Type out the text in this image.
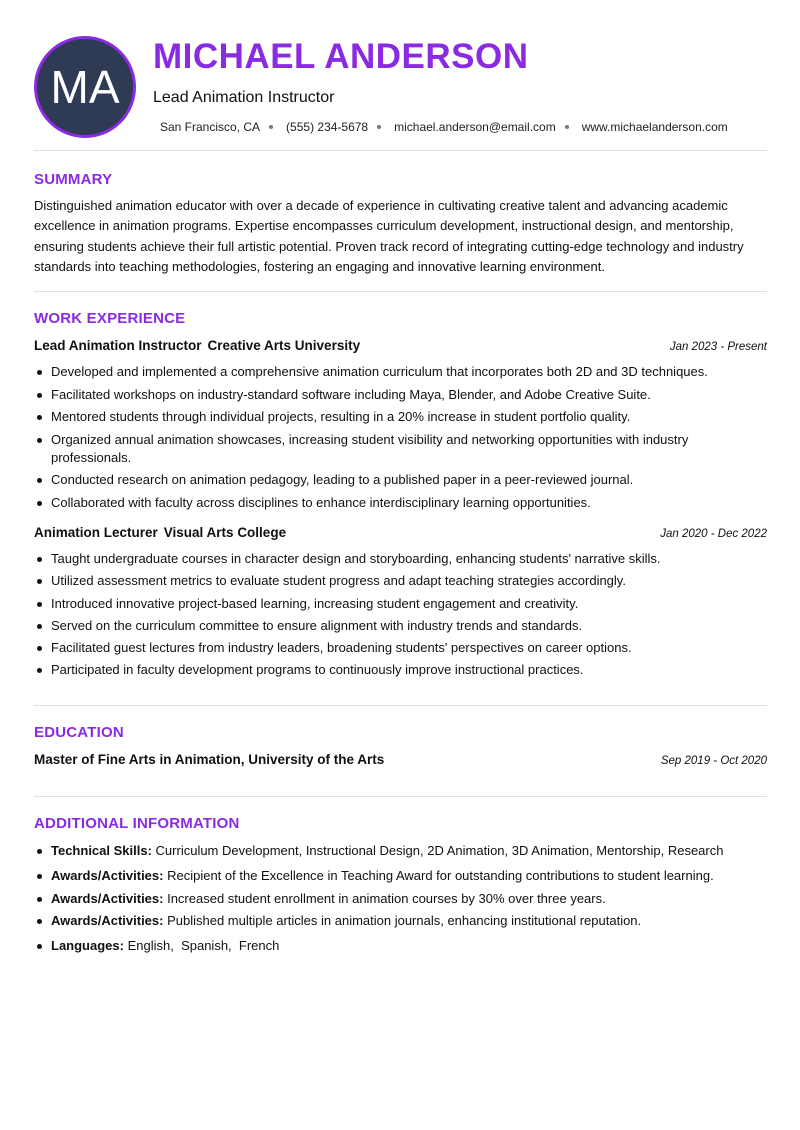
MA
MICHAEL ANDERSON
Lead Animation Instructor
San Francisco, CA (555) 234-5678 michael.anderson@email.com www.michaelanderson.com
SUMMARY
Distinguished animation educator with over a decade of experience in cultivating creative talent and advancing academic excellence in animation programs. Expertise encompasses curriculum development, instructional design, and mentorship, ensuring students achieve their full artistic potential. Proven track record of integrating cutting-edge technology and industry standards into teaching methodologies, fostering an engaging and innovative learning environment.
WORK EXPERIENCE
Lead Animation Instructor Creative Arts University	Jan 2023 - Present
Developed and implemented a comprehensive animation curriculum that incorporates both 2D and 3D techniques.
Facilitated workshops on industry-standard software including Maya, Blender, and Adobe Creative Suite.
Mentored students through individual projects, resulting in a 20% increase in student portfolio quality.
Organized annual animation showcases, increasing student visibility and networking opportunities with industry professionals.
Conducted research on animation pedagogy, leading to a published paper in a peer-reviewed journal.
Collaborated with faculty across disciplines to enhance interdisciplinary learning opportunities.
Animation Lecturer Visual Arts College	Jan 2020 - Dec 2022
Taught undergraduate courses in character design and storyboarding, enhancing students' narrative skills.
Utilized assessment metrics to evaluate student progress and adapt teaching strategies accordingly.
Introduced innovative project-based learning, increasing student engagement and creativity.
Served on the curriculum committee to ensure alignment with industry trends and standards.
Facilitated guest lectures from industry leaders, broadening students' perspectives on career options.
Participated in faculty development programs to continuously improve instructional practices.
EDUCATION
Master of Fine Arts in Animation, University of the Arts	Sep 2019 - Oct 2020
ADDITIONAL INFORMATION
Technical Skills: Curriculum Development, Instructional Design, 2D Animation, 3D Animation, Mentorship, Research
Awards/Activities: Recipient of the Excellence in Teaching Award for outstanding contributions to student learning.
Awards/Activities: Increased student enrollment in animation courses by 30% over three years.
Awards/Activities: Published multiple articles in animation journals, enhancing institutional reputation.
Languages: English,  Spanish,  French
